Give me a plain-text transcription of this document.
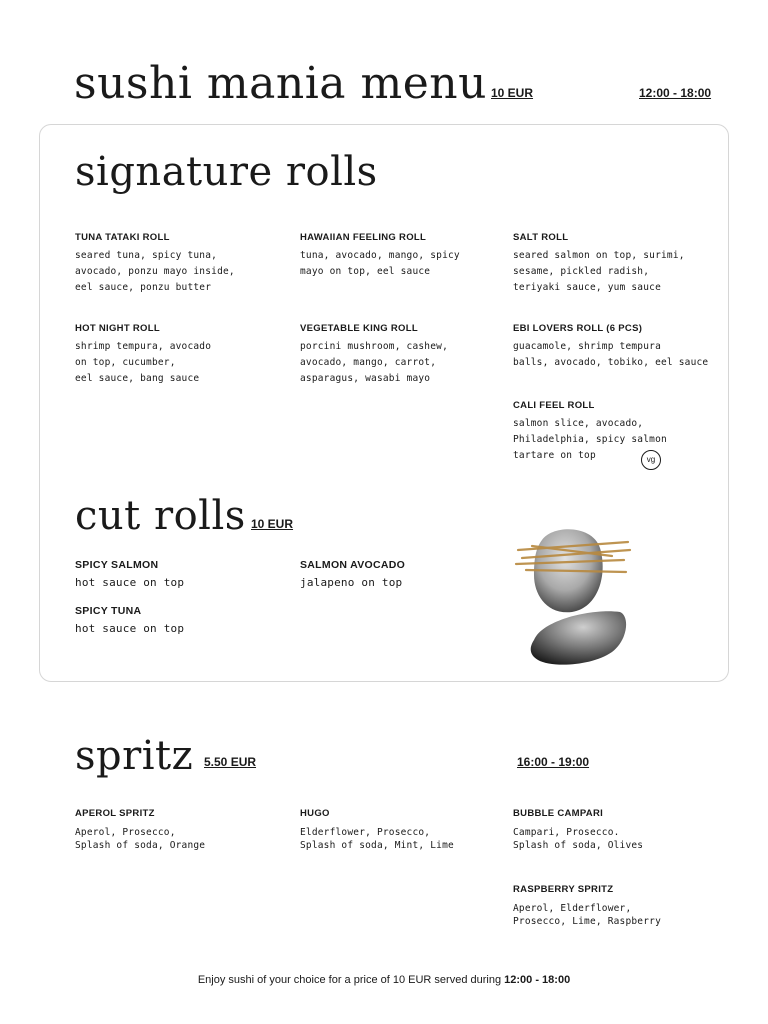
sushi mania menu 10 EUR	12:00 - 18:00
signature rolls
TUNA TATAKI ROLL
seared tuna, spicy tuna,
avocado, ponzu mayo inside,
eel sauce, ponzu butter
HAWAIIAN FEELING ROLL
tuna, avocado, mango, spicy
mayo on top, eel sauce
SALT ROLL
seared salmon on top, surimi,
sesame, pickled radish,
teriyaki sauce, yum sauce
HOT NIGHT ROLL
shrimp tempura, avocado
on top, cucumber,
eel sauce, bang sauce
VEGETABLE KING ROLL
porcini mushroom, cashew,
avocado, mango, carrot,
asparagus, wasabi mayo
EBI LOVERS ROLL (6 PCS)
guacamole, shrimp tempura
balls, avocado, tobiko, eel sauce
CALI FEEL ROLL
salmon slice, avocado,
Philadelphia, spicy salmon
tartare on top	vg
cut rolls 10 EUR
SPICY SALMON
hot sauce on top
SALMON AVOCADO
jalapeno on top
SPICY TUNA
hot sauce on top
spritz 5.50 EUR	16:00 - 19:00
APEROL SPRITZ
Aperol, Prosecco,
Splash of soda, Orange
HUGO
Elderflower, Prosecco,
Splash of soda, Mint, Lime
BUBBLE CAMPARI
Campari, Prosecco.
Splash of soda, Olives
RASPBERRY SPRITZ
Aperol, Elderflower,
Prosecco, Lime, Raspberry
Enjoy sushi of your choice for a price of 10 EUR served during 12:00 - 18:00
